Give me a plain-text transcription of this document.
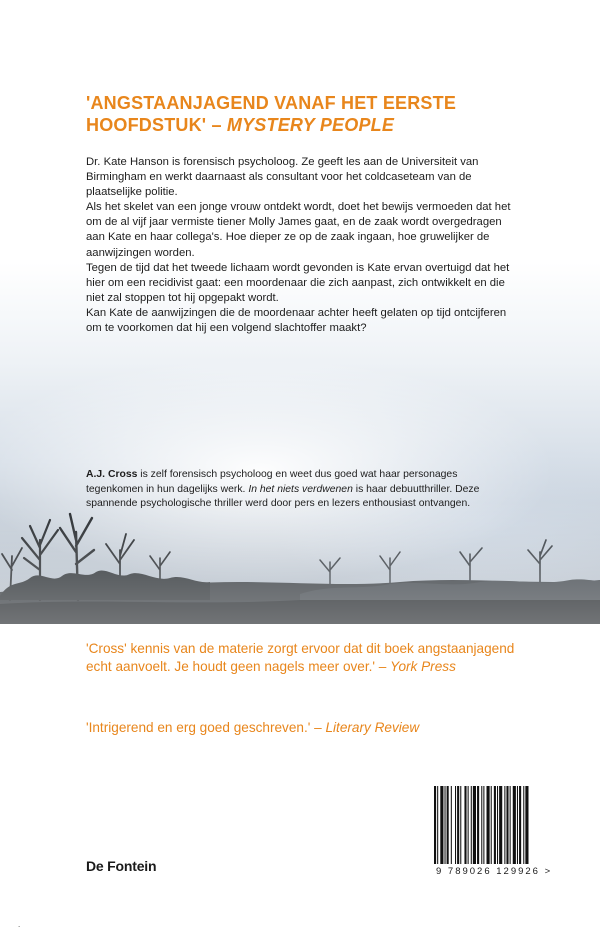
'ANGSTAANJAGEND VANAF HET EERSTE HOOFDSTUK' – MYSTERY PEOPLE

Dr. Kate Hanson is forensisch psycholoog. Ze geeft les aan de Universiteit van Birmingham en werkt daarnaast als consultant voor het coldcaseteam van de plaatselijke politie.

Als het skelet van een jonge vrouw ontdekt wordt, doet het bewijs vermoeden dat het om de al vijf jaar vermiste tiener Molly James gaat, en de zaak wordt overgedragen aan Kate en haar collega's. Hoe dieper ze op de zaak ingaan, hoe gruwelijker de aanwijzingen worden.

Tegen de tijd dat het tweede lichaam wordt gevonden is Kate ervan overtuigd dat het hier om een recidivist gaat: een moordenaar die zich aanpast, zich ontwikkelt en die niet zal stoppen tot hij opgepakt wordt.

Kan Kate de aanwijzingen die de moordenaar achter heeft gelaten op tijd ontcijferen om te voorkomen dat hij een volgend slachtoffer maakt?

A.J. Cross is zelf forensisch psycholoog en weet dus goed wat haar personages tegenkomen in hun dagelijks werk. In het niets verdwenen is haar debuutthriller. Deze spannende psychologische thriller werd door pers en lezers enthousiast ontvangen.

'Cross' kennis van de materie zorgt ervoor dat dit boek angstaanjagend echt aanvoelt. Je houdt geen nagels meer over.' – York Press

'Intrigerend en erg goed geschreven.' – Literary Review

De Fontein	9 789026 129926 >
.
